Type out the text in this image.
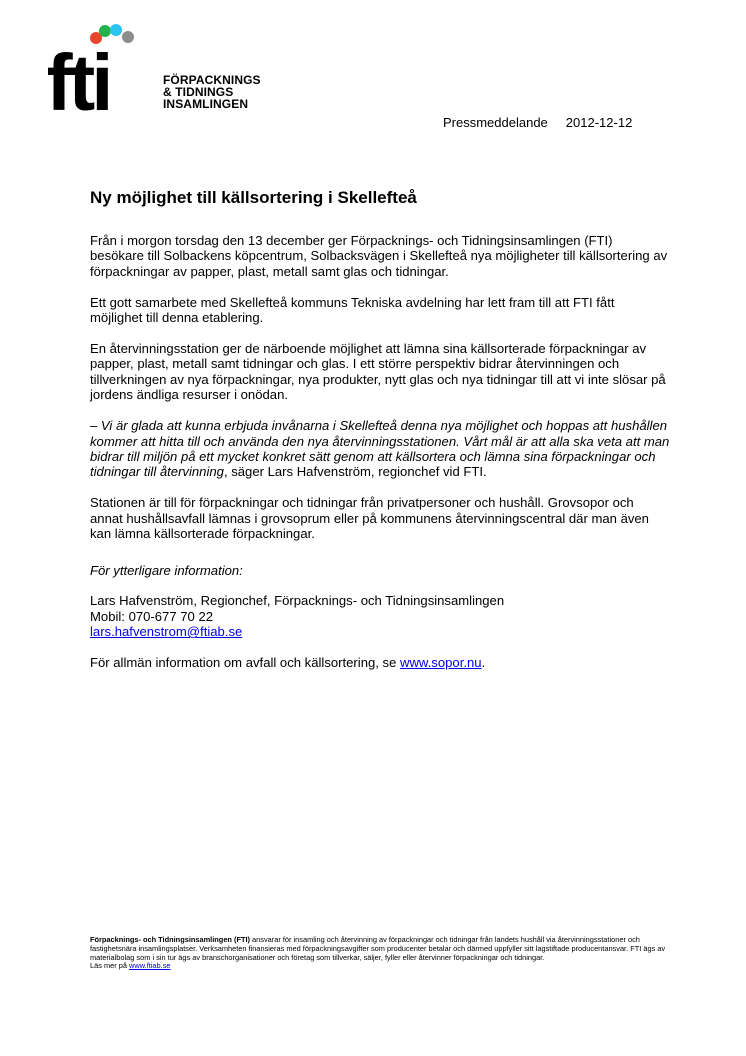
fti	FÖRPACKNINGS
& TIDNINGS
INSAMLINGEN
Pressmeddelande 2012-12-12
Ny möjlighet till källsortering i Skellefteå

Från i morgon torsdag den 13 december ger Förpacknings- och Tidningsinsamlingen (FTI) besökare till Solbackens köpcentrum, Solbacksvägen i Skellefteå nya möjligheter till källsortering av förpackningar av papper, plast, metall samt glas och tidningar.

Ett gott samarbete med Skellefteå kommuns Tekniska avdelning har lett fram till att FTI fått möjlighet till denna etablering.

En återvinningsstation ger de närboende möjlighet att lämna sina källsorterade förpackningar av papper, plast, metall samt tidningar och glas. I ett större perspektiv bidrar återvinningen och tillverkningen av nya förpackningar, nya produkter, nytt glas och nya tidningar till att vi inte slösar på jordens ändliga resurser i onödan.

– Vi är glada att kunna erbjuda invånarna i Skellefteå denna nya möjlighet och hoppas att hushållen kommer att hitta till och använda den nya återvinningsstationen. Vårt mål är att alla ska veta att man bidrar till miljön på ett mycket konkret sätt genom att källsortera och lämna sina förpackningar och tidningar till återvinning, säger Lars Hafvenström, regionchef vid FTI.

Stationen är till för förpackningar och tidningar från privatpersoner och hushåll. Grovsopor och annat hushållsavfall lämnas i grovsoprum eller på kommunens återvinningscentral där man även kan lämna källsorterade förpackningar.

För ytterligare information:

Lars Hafvenström, Regionchef, Förpacknings- och Tidningsinsamlingen
Mobil: 070-677 70 22
lars.hafvenstrom@ftiab.se

För allmän information om avfall och källsortering, se www.sopor.nu.

Förpacknings- och Tidningsinsamlingen (FTI) ansvarar för insamling och återvinning av förpackningar och tidningar från landets hushåll via återvinningsstationer och fastighetsnära insamlingsplatser. Verksamheten finansieras med förpackningsavgifter som producenter betalar och därmed uppfyller sitt lagstiftade producentansvar. FTI ägs av materialbolag som i sin tur ägs av branschorganisationer och företag som tillverkar, säljer, fyller eller återvinner förpackningar och tidningar.
Läs mer på www.ftiab.se
